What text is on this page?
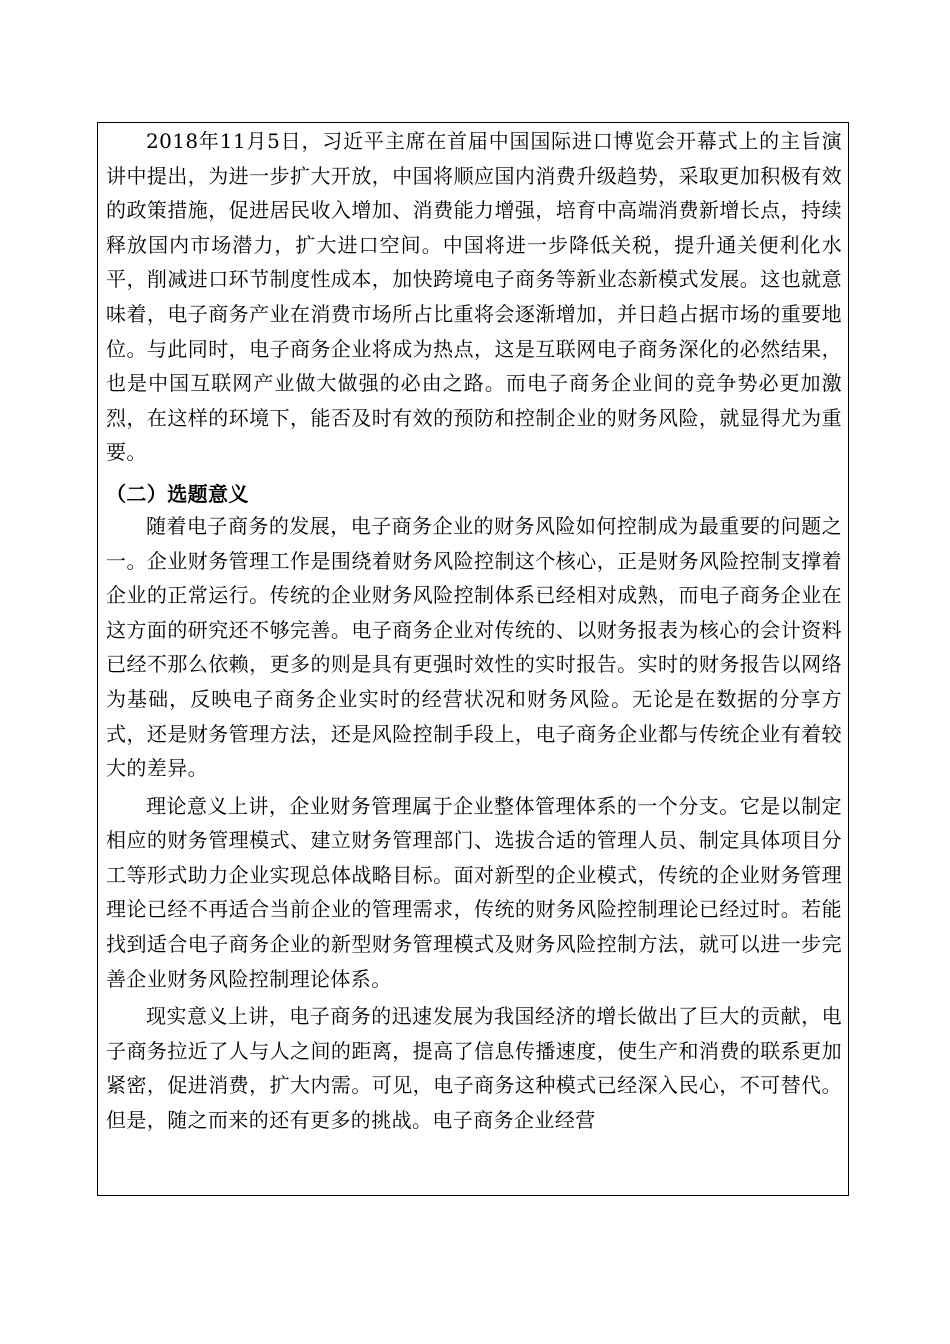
2018年11月5日，习近平主席在首届中国国际进口博览会开幕式上的主旨演讲中提出，为进一步扩大开放，中国将顺应国内消费升级趋势，采取更加积极有效的政策措施，促进居民收入增加、消费能力增强，培育中高端消费新增长点，持续释放国内市场潜力，扩大进口空间。中国将进一步降低关税，提升通关便利化水平，削减进口环节制度性成本，加快跨境电子商务等新业态新模式发展。这也就意味着，电子商务产业在消费市场所占比重将会逐渐增加，并日趋占据市场的重要地位。与此同时，电子商务企业将成为热点，这是互联网电子商务深化的必然结果，也是中国互联网产业做大做强的必由之路。而电子商务企业间的竞争势必更加激烈，在这样的环境下，能否及时有效的预防和控制企业的财务风险，就显得尤为重要。

（二）选题意义

随着电子商务的发展，电子商务企业的财务风险如何控制成为最重要的问题之一。企业财务管理工作是围绕着财务风险控制这个核心，正是财务风险控制支撑着企业的正常运行。传统的企业财务风险控制体系已经相对成熟，而电子商务企业在这方面的研究还不够完善。电子商务企业对传统的、以财务报表为核心的会计资料已经不那么依赖，更多的则是具有更强时效性的实时报告。实时的财务报告以网络为基础，反映电子商务企业实时的经营状况和财务风险。无论是在数据的分享方式，还是财务管理方法，还是风险控制手段上，电子商务企业都与传统企业有着较大的差异。

理论意义上讲，企业财务管理属于企业整体管理体系的一个分支。它是以制定相应的财务管理模式、建立财务管理部门、选拔合适的管理人员、制定具体项目分工等形式助力企业实现总体战略目标。面对新型的企业模式，传统的企业财务管理理论已经不再适合当前企业的管理需求，传统的财务风险控制理论已经过时。若能找到适合电子商务企业的新型财务管理模式及财务风险控制方法，就可以进一步完善企业财务风险控制理论体系。

现实意义上讲，电子商务的迅速发展为我国经济的增长做出了巨大的贡献，电子商务拉近了人与人之间的距离，提高了信息传播速度，使生产和消费的联系更加紧密，促进消费，扩大内需。可见，电子商务这种模式已经深入民心，不可替代。但是，随之而来的还有更多的挑战。电子商务企业经营
